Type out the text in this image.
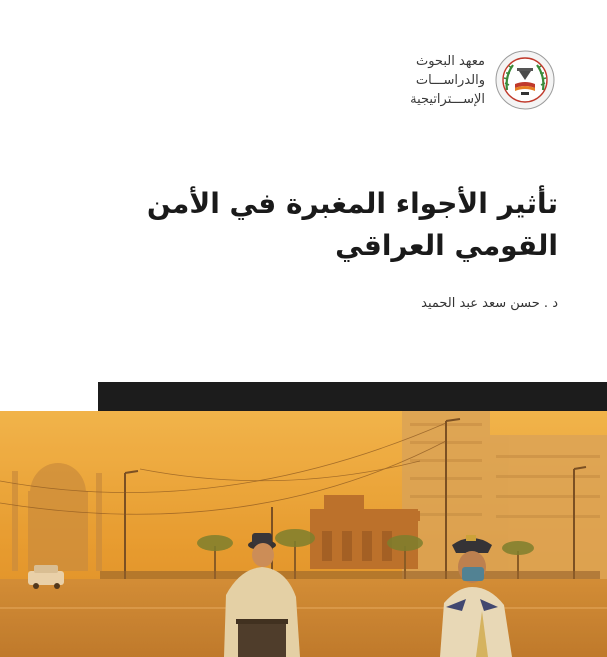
معهد البحوث
والدراســـات
الإســـتراتيجية
تأثير الأجواء المغبرة في الأمن القومي العراقي
د . حسن سعد عبد الحميد
